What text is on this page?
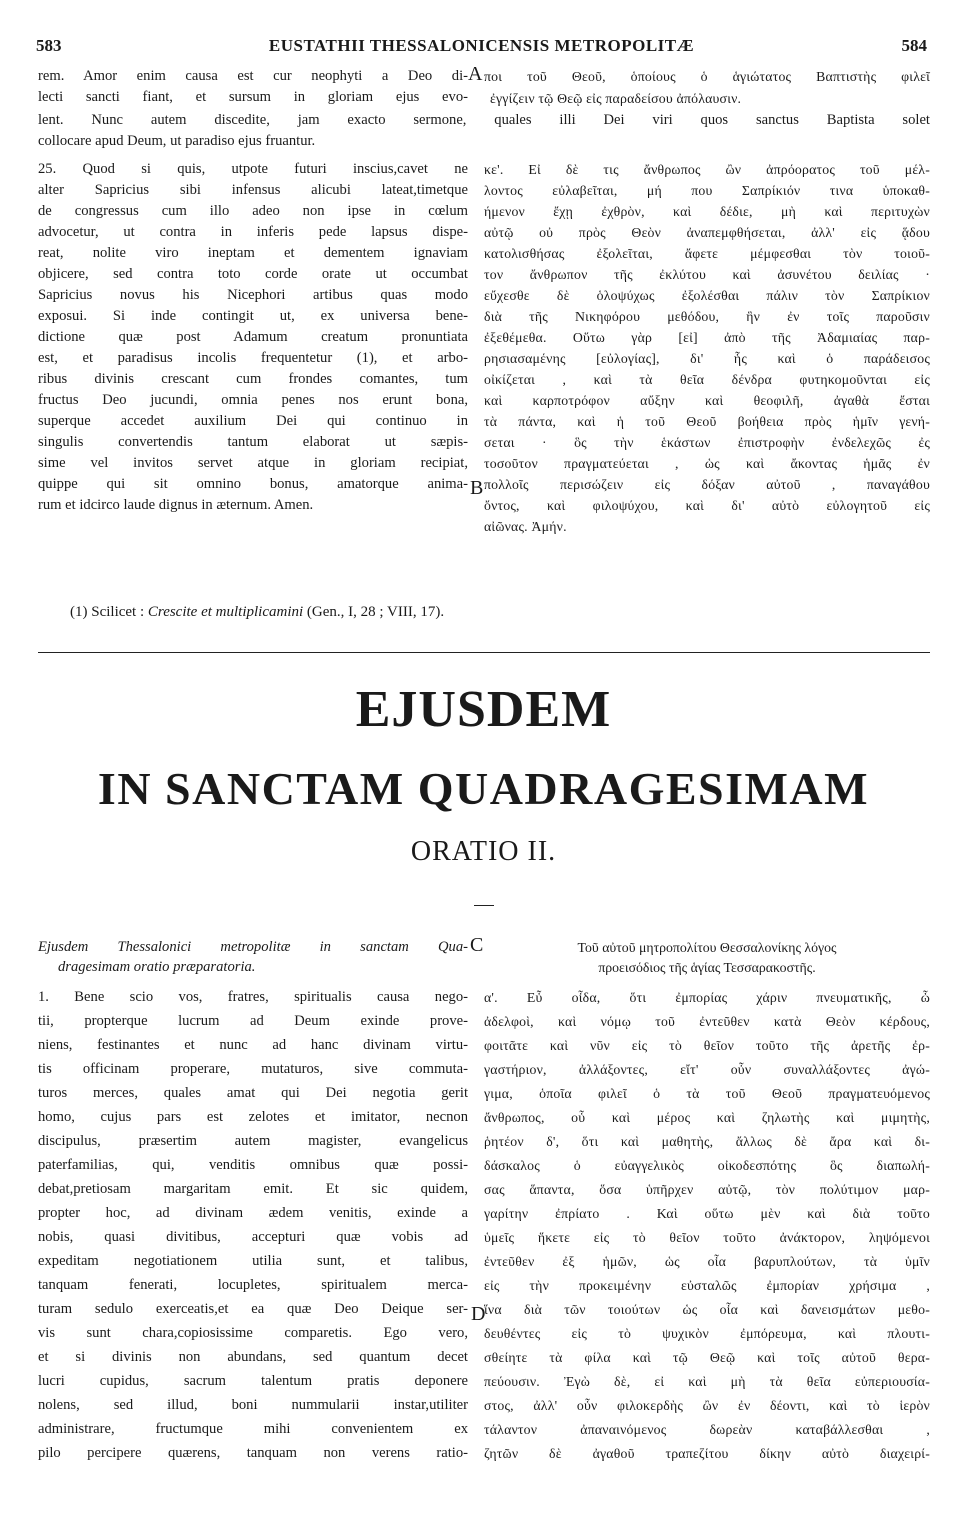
583	EUSTATHII THESSALONICENSIS METROPOLITÆ	584
rem. Amor enim causa est cur neophyti a Deo di-
lecti sancti fiant, et sursum in gloriam ejus evo-
A ποι τοῦ Θεοῦ, ὁποίους ὁ ἁγιώτατος Βαπτιστὴς φιλεῖ
ἐγγίζειν τῷ Θεῷ εἰς παραδείσου ἀπόλαυσιν.
lent. Nunc autem discedite, jam exacto sermone, quales illi Dei viri quos sanctus Baptista solet
collocare apud Deum, ut paradiso ejus fruantur.
25. Quod si quis, utpote futuri inscius,cavet ne
alter Sapricius sibi infensus alicubi lateat,timetque
de congressus cum illo adeo non ipse in cœlum
advocetur, ut contra in inferis pede lapsus dispe-
reat, nolite viro ineptam et dementem ignaviam
objicere, sed contra toto corde orate ut occumbat
Sapricius novus his Nicephori artibus quas modo
exposui. Si inde contingit ut, ex universa bene-
dictione quæ post Adamum creatum pronuntiata
est, et paradisus incolis frequentetur (1), et arbo-
ribus divinis crescant cum frondes comantes, tum
fructus Deo jucundi, omnia penes nos erunt bona,
superque accedet auxilium Dei qui continuo in
singulis convertendis tantum elaborat ut sæpis-
sime vel invitos servet atque in gloriam recipiat,
quippe qui sit omnino bonus, amatorque anima-
rum et idcirco laude dignus in æternum. Amen.
κε'. Εἰ δὲ τις ἄνθρωπος ὢν ἀπρόορατος τοῦ μέλ-
λοντος εὐλαβεῖται, μή που Σαπρίκιόν τινα ὑποκαθ-
ήμενον ἔχῃ ἐχθρὸν, καὶ δέδιε, μὴ καὶ περιτυχὼν
αὐτῷ οὐ πρὸς Θεὸν ἀναπεμφθήσεται, ἀλλ' εἰς ᾅδου
κατολισθήσας ἐξολεῖται, ἄφετε μέμφεσθαι τὸν τοιοῦ-
τον ἄνθρωπον τῆς ἐκλύτου καὶ ἀσυνέτου δειλίας ·
εὔχεσθε δὲ ὁλοψύχως ἐξολέσθαι πάλιν τὸν Σαπρίκιον
διὰ τῆς Νικηφόρου μεθόδου, ἣν ἐν τοῖς παροῦσιν
ἐξεθέμεθα. Οὕτω γὰρ [εἰ] ἀπὸ τῆς Ἀδαμιαίας παρ-
ρησιασαμένης [εὐλογίας], δι' ἧς καὶ ὁ παράδεισος
οἰκίζεται , καὶ τὰ θεῖα δένδρα φυτηκομοῦνται εἰς
καὶ καρποτρόφον αὔξην καὶ θεοφιλῆ, ἀγαθὰ ἔσται
τὰ πάντα, καὶ ἡ τοῦ Θεοῦ βοήθεια πρὸς ἡμῖν γενή-
σεται · ὃς τὴν ἑκάστων ἐπιστροφὴν ἐνδελεχῶς ἐς
τοσοῦτον πραγματεύεται , ὡς καὶ ἄκοντας ἡμᾶς ἐν
πολλοῖς περισώζειν εἰς δόξαν αὐτοῦ , παναγάθου
ὄντος, καὶ φιλοψύχου, καὶ δι' αὐτὸ εὐλογητοῦ εἰς
αἰῶνας. Ἀμήν.
B
(1) Scilicet : Crescite et multiplicamini (Gen., I, 28 ; VIII, 17).
EJUSDEM
IN SANCTAM QUADRAGESIMAM
ORATIO II.
Ejusdem Thessalonici metropolitæ in sanctam Qua-
dragesimam oratio præparatoria.
C	Τοῦ αὐτοῦ μητροπολίτου Θεσσαλονίκης λόγος
προεισόδιος τῆς ἁγίας Τεσσαρακοστῆς.
1. Bene scio vos, fratres, spiritualis causa nego-
tii, propterque lucrum ad Deum exinde prove-
niens, festinantes et nunc ad hanc divinam virtu-
tis officinam properare, mutaturos, sive commuta-
turos merces, quales amat qui Dei negotia gerit
homo, cujus pars est zelotes et imitator, necnon
discipulus, præsertim autem magister, evangelicus
paterfamilias, qui, venditis omnibus quæ possi-
debat,pretiosam margaritam emit. Et sic quidem,
propter hoc, ad divinam ædem venitis, exinde a
nobis, quasi divitibus, accepturi quæ vobis ad
expeditam negotiationem utilia sunt, et talibus,
tanquam fenerati, locupletes, spiritualem merca-
turam sedulo exerceatis,et ea quæ Deo Deique ser-
vis sunt chara,copiosissime comparetis. Ego vero,
et si divinis non abundans, sed quantum decet
lucri cupidus, sacrum talentum pratis deponere
nolens, sed illud, boni nummularii instar,utiliter
administrare, fructumque mihi convenientem ex
pilo percipere quærens, tanquam non verens ratio-
α'. Εὖ οἶδα, ὅτι ἐμπορίας χάριν πνευματικῆς, ὦ
ἀδελφοὶ, καὶ νόμῳ τοῦ ἐντεῦθεν κατὰ Θεὸν κέρδους,
φοιτᾶτε καὶ νῦν εἰς τὸ θεῖον τοῦτο τῆς ἀρετῆς ἐρ-
γαστήριον, ἀλλάξοντες, εἴτ' οὖν συναλλάξοντες ἀγώ-
γιμα, ὁποῖα φιλεῖ ὁ τὰ τοῦ Θεοῦ πραγματευόμενος
ἄνθρωπος, οὗ καὶ μέρος καὶ ζηλωτὴς καὶ μιμητὴς,
ῥητέον δ', ὅτι καὶ μαθητὴς, ἄλλως δὲ ἄρα καὶ δι-
δάσκαλος ὁ εὐαγγελικὸς οἰκοδεσπότης ὃς διαπωλή-
σας ἅπαντα, ὅσα ὑπῆρχεν αὐτῷ, τὸν πολύτιμον μαρ-
γαρίτην ἐπρίατο . Καὶ οὕτω μὲν καὶ διὰ τοῦτο
ὑμεῖς ἥκετε εἰς τὸ θεῖον τοῦτο ἀνάκτορον, ληψόμενοι
ἐντεῦθεν ἐξ ἡμῶν, ὡς οἷα βαρυπλούτων, τὰ ὑμῖν
εἰς τὴν προκειμένην εὐσταλῶς ἐμπορίαν χρήσιμα ,
ἵνα διὰ τῶν τοιούτων ὡς οἷα καὶ δανεισμάτων μεθο-
δευθέντες εἰς τὸ ψυχικὸν ἐμπόρευμα, καὶ πλουτι-
σθείητε τὰ φίλα καὶ τῷ Θεῷ καὶ τοῖς αὐτοῦ θερα-
πεύουσιν. Ἐγὼ δὲ, εἰ καὶ μὴ τὰ θεῖα εὐπεριουσία-
στος, ἀλλ' οὖν φιλοκερδὴς ὢν ἐν δέοντι, καὶ τὸ ἱερὸν
τάλαντον ἀπαναινόμενος δωρεὰν καταβάλλεσθαι ,
ζητῶν δὲ ἀγαθοῦ τραπεζίτου δίκην αὐτὸ διαχειρί-
D
